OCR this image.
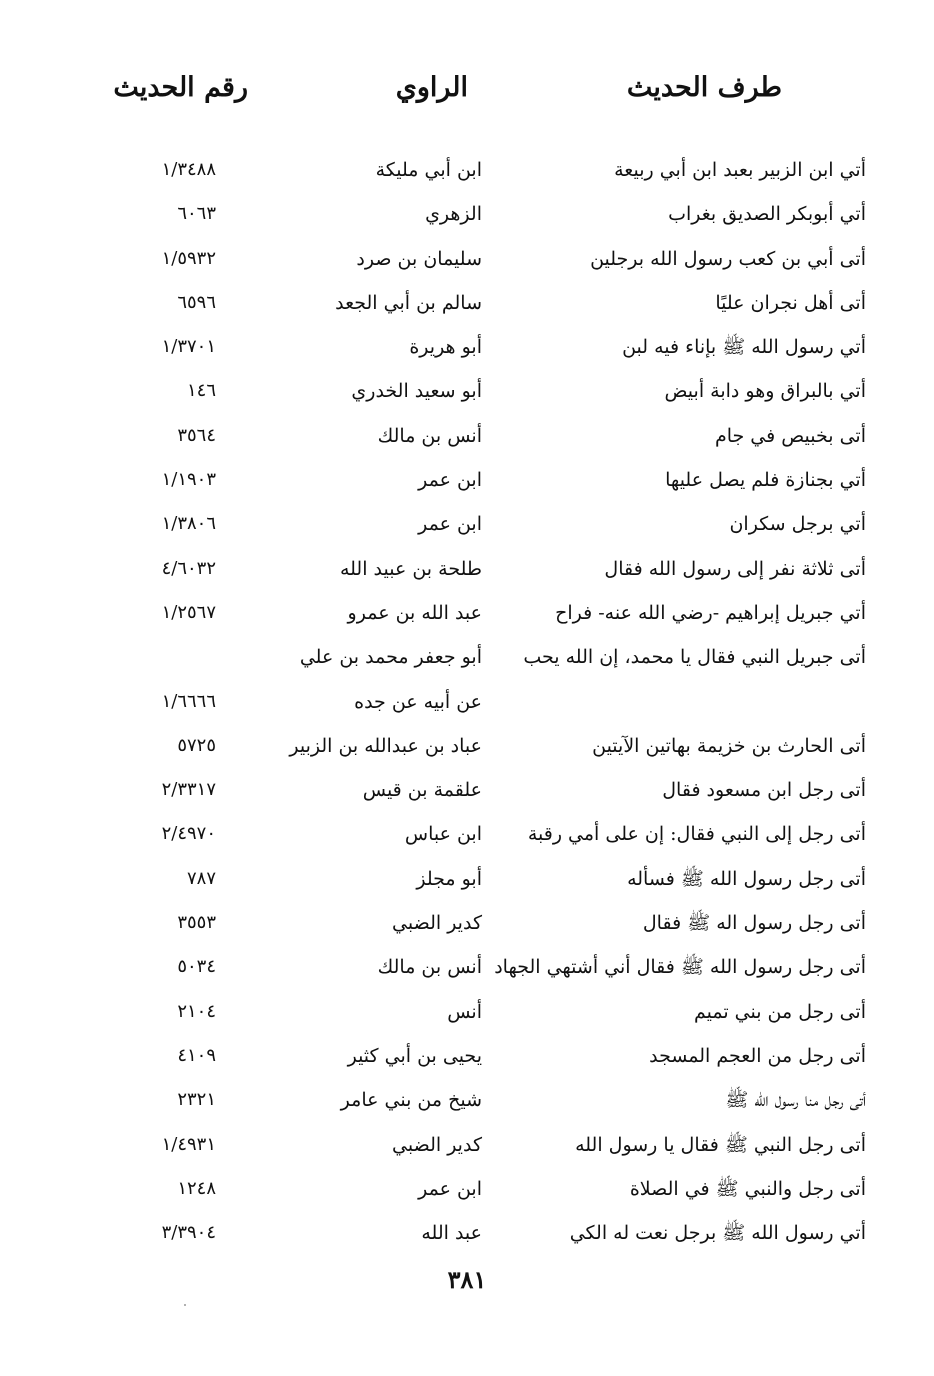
طرف الحديث
الراوي
رقم الحديث
أتي ابن الزبير بعبد ابن أبي ربيعة
ابن أبي مليكة
١/٣٤٨٨
أتي أبوبكر الصديق بغراب
الزهري
٦٠٦٣
أتى أبي بن كعب رسول الله برجلين
سليمان بن صرد
١/٥٩٣٢
أتى أهل نجران عليًا
سالم بن أبي الجعد
٦٥٩٦
أتي رسول الله ﷺ بإناء فيه لبن
أبو هريرة
١/٣٧٠١
أتي بالبراق وهو دابة أبيض
أبو سعيد الخدري
١٤٦
أتى بخبيص في جام
أنس بن مالك
٣٥٦٤
أتي بجنازة فلم يصل عليها
ابن عمر
١/١٩٠٣
أتي برجل سكران
ابن عمر
١/٣٨٠٦
أتى ثلاثة نفر إلى رسول الله فقال
طلحة بن عبيد الله
٤/٦٠٣٢
أتي جبريل إبراهيم -رضي الله عنه- فراح
عبد الله بن عمرو
١/٢٥٦٧
أتى جبريل النبي فقال يا محمد، إن الله يحب
أبو جعفر محمد بن علي
عن أبيه عن جده
١/٦٦٦٦
أتى الحارث بن خزيمة بهاتين الآيتين
عباد بن عبدالله بن الزبير
٥٧٢٥
أتى رجل ابن مسعود فقال
علقمة بن قيس
٢/٣٣١٧
أتى رجل إلى النبي فقال: إن على أمي رقبة
ابن عباس
٢/٤٩٧٠
أتى رجل رسول الله ﷺ فسأله
أبو مجلز
٧٨٧
أتى رجل رسول اله ﷺ فقال
كدير الضبي
٣٥٥٣
أتى رجل رسول الله ﷺ فقال أني أشتهي الجهاد
أنس بن مالك
٥٠٣٤
أتى رجل من بني تميم
أنس
٢١٠٤
أتى رجل من العجم المسجد
يحيى بن أبي كثير
٤١٠٩
أتى رجل منا رسول الله ﷺ
شيخ من بني عامر
٢٣٢١
أتى رجل النبي ﷺ فقال يا رسول الله
كدير الضبي
١/٤٩٣١
أتى رجل والنبي ﷺ في الصلاة
ابن عمر
١٢٤٨
أتي رسول الله ﷺ برجل نعت له الكي
عبد الله
٣/٣٩٠٤
٣٨١
